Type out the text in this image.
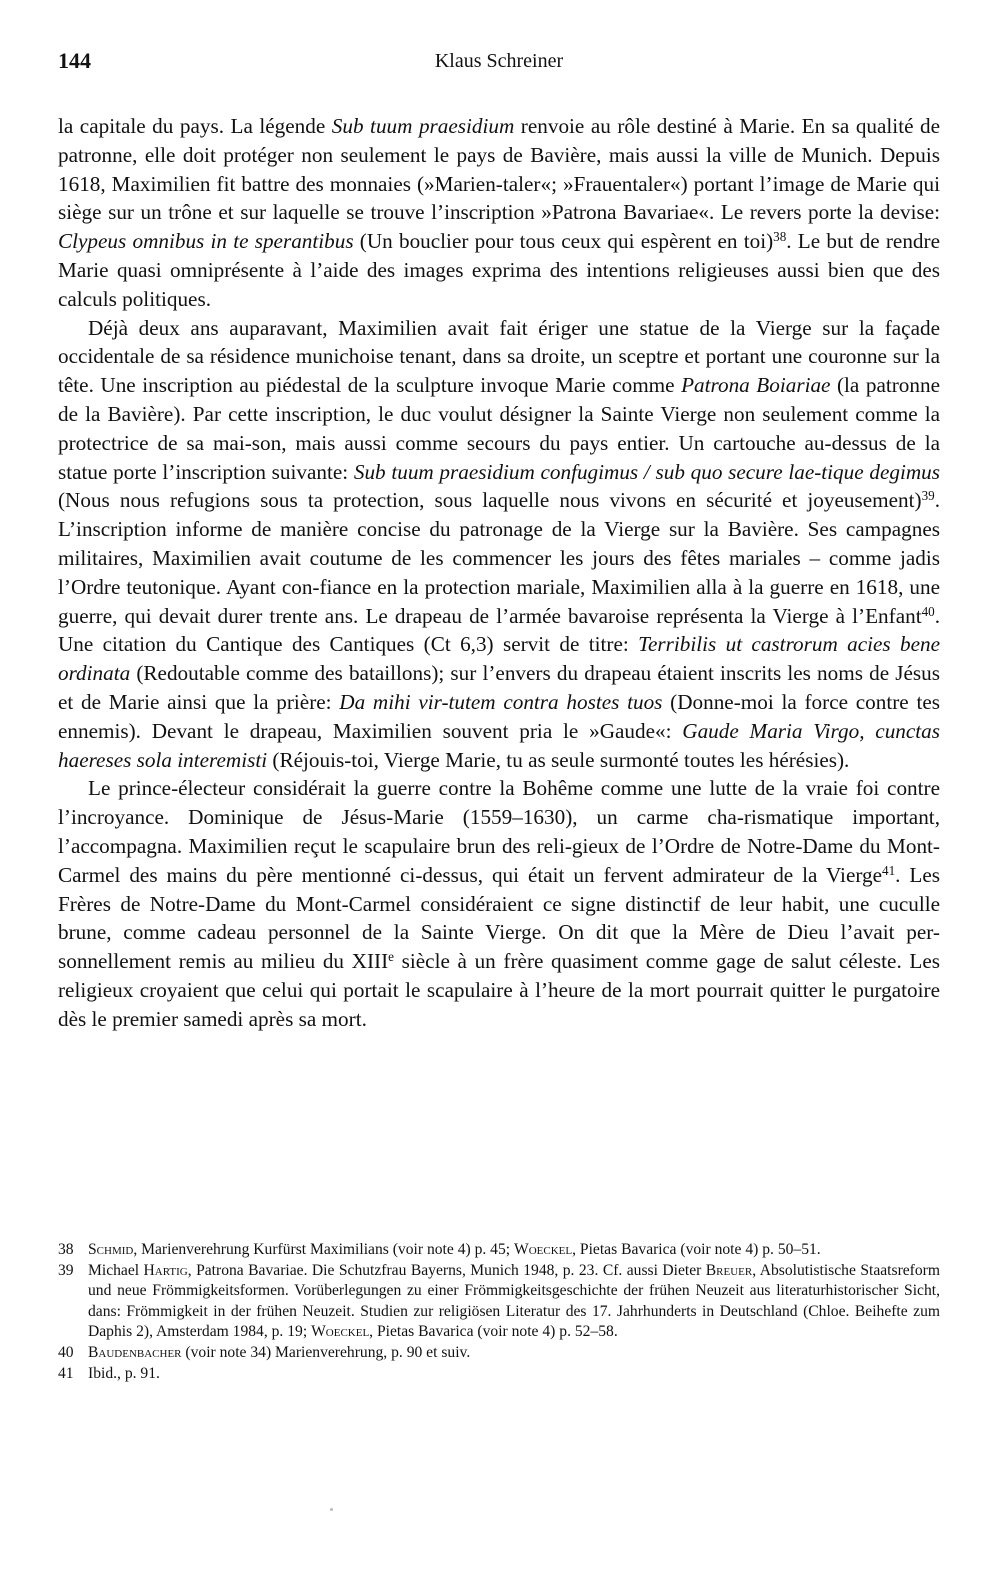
144	Klaus Schreiner

la capitale du pays. La légende Sub tuum praesidium renvoie au rôle destiné à Marie. En sa qualité de patronne, elle doit protéger non seulement le pays de Bavière, mais aussi la ville de Munich. Depuis 1618, Maximilien fit battre des monnaies (»Marien-taler«; »Frauentaler«) portant l’image de Marie qui siège sur un trône et sur laquelle se trouve l’inscription »Patrona Bavariae«. Le revers porte la devise: Clypeus omnibus in te sperantibus (Un bouclier pour tous ceux qui espèrent en toi)$^{38}$. Le but de rendre Marie quasi omniprésente à l’aide des images exprima des intentions religieuses aussi bien que des calculs politiques.

Déjà deux ans auparavant, Maximilien avait fait ériger une statue de la Vierge sur la façade occidentale de sa résidence munichoise tenant, dans sa droite, un sceptre et portant une couronne sur la tête. Une inscription au piédestal de la sculpture invoque Marie comme Patrona Boiariae (la patronne de la Bavière). Par cette inscription, le duc voulut désigner la Sainte Vierge non seulement comme la protectrice de sa mai-son, mais aussi comme secours du pays entier. Un cartouche au-dessus de la statue porte l’inscription suivante: Sub tuum praesidium confugimus / sub quo secure lae-tique degimus (Nous nous refugions sous ta protection, sous laquelle nous vivons en sécurité et joyeusement)$^{39}$. L’inscription informe de manière concise du patronage de la Vierge sur la Bavière. Ses campagnes militaires, Maximilien avait coutume de les commencer les jours des fêtes mariales – comme jadis l’Ordre teutonique. Ayant con-fiance en la protection mariale, Maximilien alla à la guerre en 1618, une guerre, qui devait durer trente ans. Le drapeau de l’armée bavaroise représenta la Vierge à l’Enfant$^{40}$. Une citation du Cantique des Cantiques (Ct 6,3) servit de titre: Terribilis ut castrorum acies bene ordinata (Redoutable comme des bataillons); sur l’envers du drapeau étaient inscrits les noms de Jésus et de Marie ainsi que la prière: Da mihi vir-tutem contra hostes tuos (Donne-moi la force contre tes ennemis). Devant le drapeau, Maximilien souvent pria le »Gaude«: Gaude Maria Virgo, cunctas haereses sola interemisti (Réjouis-toi, Vierge Marie, tu as seule surmonté toutes les hérésies).

Le prince-électeur considérait la guerre contre la Bohême comme une lutte de la vraie foi contre l’incroyance. Dominique de Jésus-Marie (1559–1630), un carme cha-rismatique important, l’accompagna. Maximilien reçut le scapulaire brun des reli-gieux de l’Ordre de Notre-Dame du Mont-Carmel des mains du père mentionné ci-dessus, qui était un fervent admirateur de la Vierge$^{41}$. Les Frères de Notre-Dame du Mont-Carmel considéraient ce signe distinctif de leur habit, une cuculle brune, comme cadeau personnel de la Sainte Vierge. On dit que la Mère de Dieu l’avait per-sonnellement remis au milieu du XIIIe siècle à un frère quasiment comme gage de salut céleste. Les religieux croyaient que celui qui portait le scapulaire à l’heure de la mort pourrait quitter le purgatoire dès le premier samedi après sa mort.

38 Schmid, Marienverehrung Kurfürst Maximilians (voir note 4) p. 45; Woeckel, Pietas Bavarica (voir note 4) p. 50–51.

39 Michael Hartig, Patrona Bavariae. Die Schutzfrau Bayerns, Munich 1948, p. 23. Cf. aussi Dieter Breuer, Absolutistische Staatsreform und neue Frömmigkeitsformen. Vorüberlegungen zu einer Frömmigkeitsgeschichte der frühen Neuzeit aus literaturhistorischer Sicht, dans: Frömmigkeit in der frühen Neuzeit. Studien zur religiösen Literatur des 17. Jahrhunderts in Deutschland (Chloe. Beihefte zum Daphis 2), Amsterdam 1984, p. 19; Woeckel, Pietas Bavarica (voir note 4) p. 52–58.

40 Baudenbacher (voir note 34) Marienverehrung, p. 90 et suiv.

41 Ibid., p. 91.
